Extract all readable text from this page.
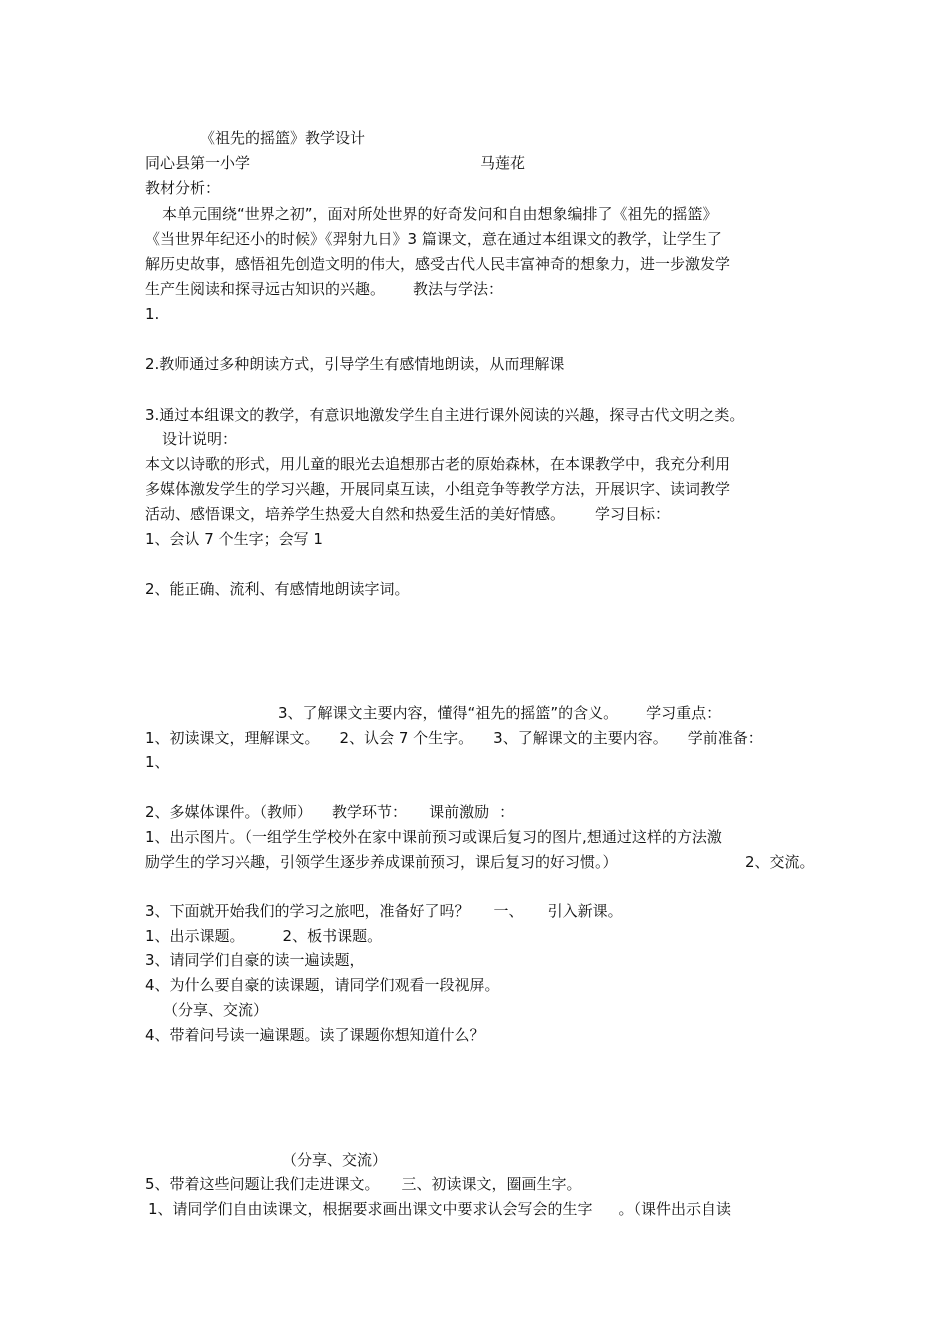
《祖先的摇篮》教学设计
同心县第一小学	马莲花
教材分析：
本单元围绕“世界之初”，面对所处世界的好奇发问和自由想象编排了《祖先的摇篮》
《当世界年纪还小的时候》《羿射九日》3 篇课文，意在通过本组课文的教学，让学生了
解历史故事，感悟祖先创造文明的伟大，感受古代人民丰富神奇的想象力，进一步激发学
生产生阅读和探寻远古知识的兴趣。 教法与学法：
1.
2.教师通过多种朗读方式，引导学生有感情地朗读，从而理解课
3.通过本组课文的教学，有意识地激发学生自主进行课外阅读的兴趣，探寻古代文明之类。
设计说明：
本文以诗歌的形式，用儿童的眼光去追想那古老的原始森林，在本课教学中，我充分利用
多媒体激发学生的学习兴趣，开展同桌互读，小组竞争等教学方法，开展识字、读词教学
活动、感悟课文，培养学生热爱大自然和热爱生活的美好情感。 学习目标：
1、会认 7 个生字；会写 1
2、能正确、流利、有感情地朗读字词。
3、了解课文主要内容，懂得“祖先的摇篮”的含义。 学习重点：
1、初读课文，理解课文。 2、认会 7 个生字。 3、了解课文的主要内容。 学前准备：
1、
2、多媒体课件。（教师） 教学环节： 课前激励 ：
1、出示图片。（一组学生学校外在家中课前预习或课后复习的图片,想通过这样的方法激
励学生的学习兴趣，引领学生逐步养成课前预习，课后复习的好习惯。）	2、交流。
3、下面就开始我们的学习之旅吧，准备好了吗？ 一、 引入新课。
1、出示课题。	2、板书课题。
3、请同学们自豪的读一遍读题，
4、为什么要自豪的读课题，请同学们观看一段视屏。
（分享、交流）
4、带着问号读一遍课题。读了课题你想知道什么？
（分享、交流）
5、带着这些问题让我们走进课文。 三、初读课文，圈画生字。
1、请同学们自由读课文，根据要求画出课文中要求认会写会的生字 。（课件出示自读
